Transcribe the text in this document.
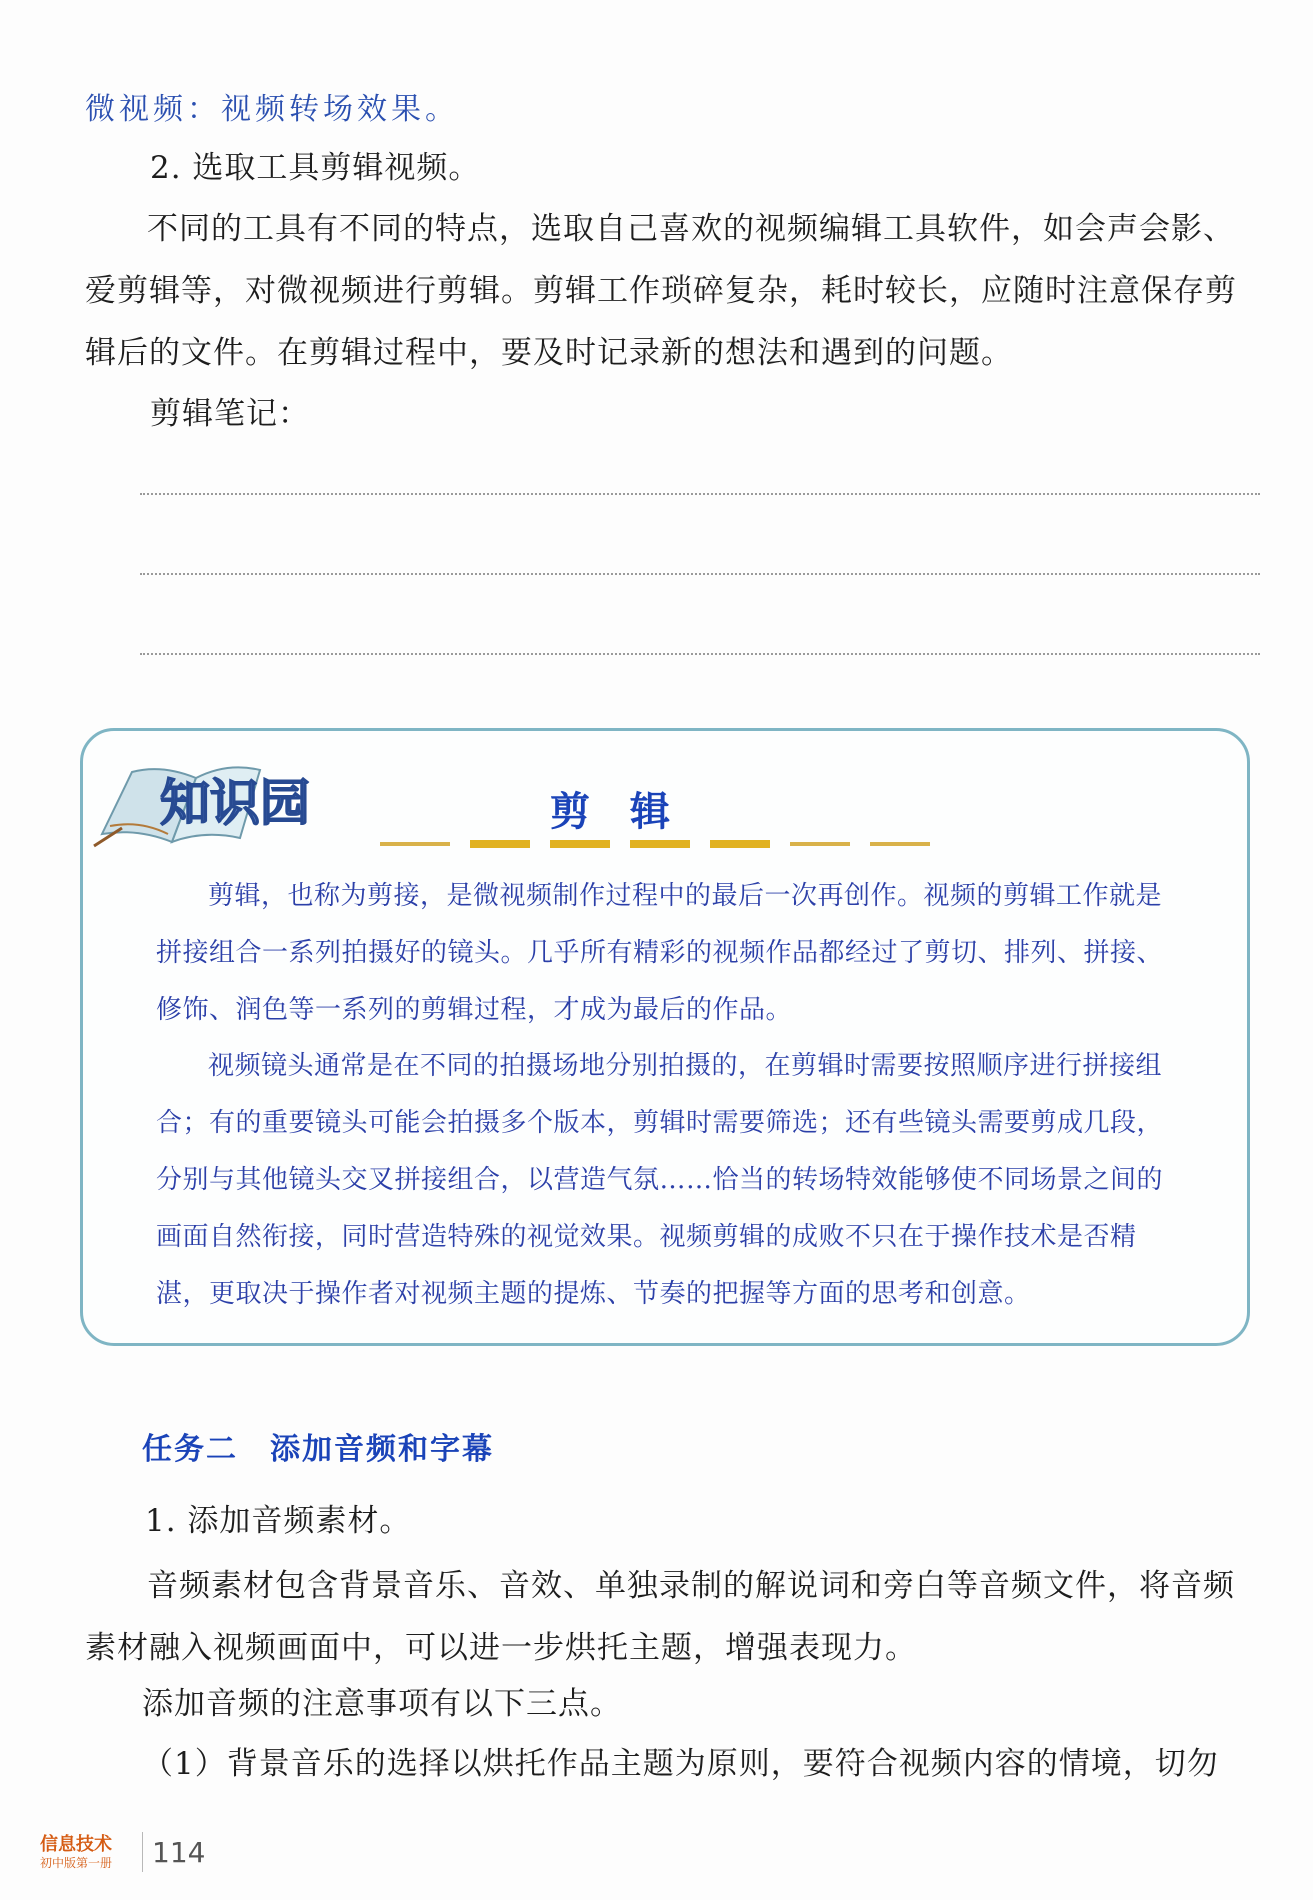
微视频：视频转场效果。
2. 选取工具剪辑视频。
不同的工具有不同的特点，选取自己喜欢的视频编辑工具软件，如会声会影、爱剪辑等，对微视频进行剪辑。剪辑工作琐碎复杂，耗时较长，应随时注意保存剪辑后的文件。在剪辑过程中，要及时记录新的想法和遇到的问题。
剪辑笔记：
知识园	剪辑

剪辑，也称为剪接，是微视频制作过程中的最后一次再创作。视频的剪辑工作就是拼接组合一系列拍摄好的镜头。几乎所有精彩的视频作品都经过了剪切、排列、拼接、修饰、润色等一系列的剪辑过程，才成为最后的作品。

视频镜头通常是在不同的拍摄场地分别拍摄的，在剪辑时需要按照顺序进行拼接组合；有的重要镜头可能会拍摄多个版本，剪辑时需要筛选；还有些镜头需要剪成几段，分别与其他镜头交叉拼接组合，以营造气氛……恰当的转场特效能够使不同场景之间的画面自然衔接，同时营造特殊的视觉效果。视频剪辑的成败不只在于操作技术是否精湛，更取决于操作者对视频主题的提炼、节奏的把握等方面的思考和创意。

任务二　添加音频和字幕
1. 添加音频素材。
音频素材包含背景音乐、音效、单独录制的解说词和旁白等音频文件，将音频素材融入视频画面中，可以进一步烘托主题，增强表现力。
添加音频的注意事项有以下三点。
（1）背景音乐的选择以烘托作品主题为原则，要符合视频内容的情境，切勿
信息技术
初中版第一册 114
